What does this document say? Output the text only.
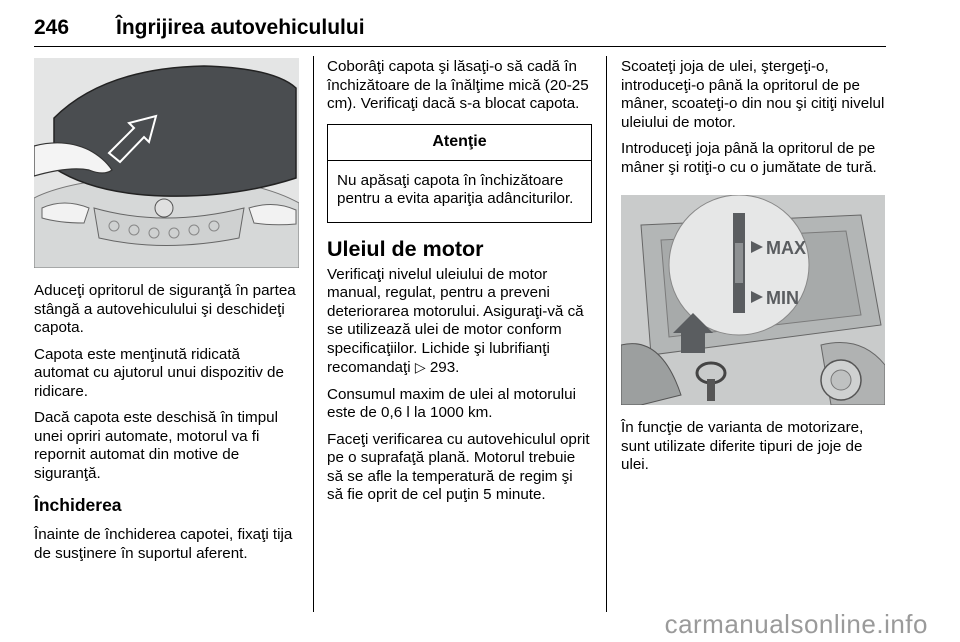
246 Îngrijirea autovehiculului

Aduceţi opritorul de siguranţă în partea stângă a autovehiculului şi deschideţi capota.

Capota este menţinută ridicată automat cu ajutorul unui dispozitiv de ridicare.

Dacă capota este deschisă în timpul unei opriri automate, motorul va fi repornit automat din motive de siguranţă.

Închiderea

Înainte de închiderea capotei, fixaţi tija de susţinere în suportul aferent.

Coborâţi capota şi lăsaţi-o să cadă în închizătoare de la înălţime mică (20-25 cm). Verificaţi dacă s-a blocat capota.

Atenţie

Nu apăsaţi capota în închizătoare pentru a evita apariţia adânciturilor.

Uleiul de motor

Verificaţi nivelul uleiului de motor manual, regulat, pentru a preveni deteriorarea motorului. Asiguraţi-vă că se utilizează ulei de motor conform specificaţiilor. Lichide şi lubrifianţi recomandaţi ▷ 293.

Consumul maxim de ulei al motorului este de 0,6 l la 1000 km.

Faceţi verificarea cu autovehiculul oprit pe o suprafaţă plană. Motorul trebuie să se afle la temperatură de regim şi să fie oprit de cel puţin 5 minute.

Scoateţi joja de ulei, ştergeţi-o, introduceţi-o până la opritorul de pe mâner, scoateţi-o din nou şi citiţi nivelul uleiului de motor.

Introduceţi joja până la opritorul de pe mâner şi rotiţi-o cu o jumătate de tură.

MAX
MIN

În funcţie de varianta de motorizare, sunt utilizate diferite tipuri de joje de ulei.

carmanualsonline.info
